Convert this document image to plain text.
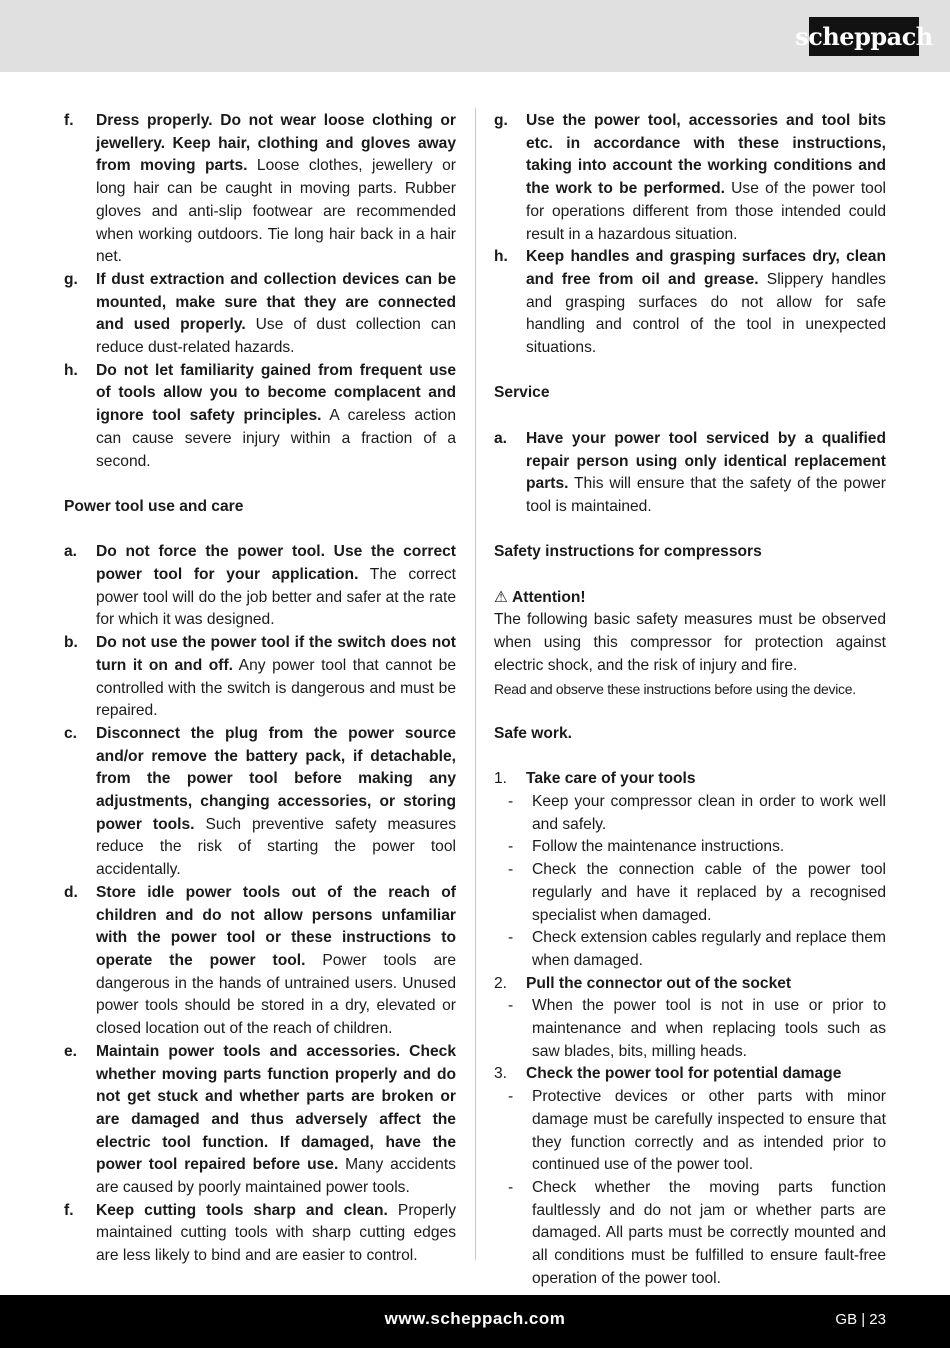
scheppach
f.	Dress properly. Do not wear loose clothing or jewellery. Keep hair, clothing and gloves away from moving parts. Loose clothes, jewellery or long hair can be caught in moving parts. Rubber gloves and anti-slip footwear are recommended when working outdoors. Tie long hair back in a hair net.
g.	If dust extraction and collection devices can be mounted, make sure that they are connected and used properly. Use of dust collection can reduce dust-related hazards.
h.	Do not let familiarity gained from frequent use of tools allow you to become complacent and ignore tool safety principles. A careless action can cause severe injury within a fraction of a second.
Power tool use and care
a.	Do not force the power tool. Use the correct power tool for your application. The correct power tool will do the job better and safer at the rate for which it was designed.
b.	Do not use the power tool if the switch does not turn it on and off. Any power tool that cannot be controlled with the switch is dangerous and must be repaired.
c.	Disconnect the plug from the power source and/or remove the battery pack, if detachable, from the power tool before making any adjustments, changing accessories, or storing power tools. Such preventive safety measures reduce the risk of starting the power tool accidentally.
d.	Store idle power tools out of the reach of children and do not allow persons unfamiliar with the power tool or these instructions to operate the power tool. Power tools are dangerous in the hands of untrained users. Unused power tools should be stored in a dry, elevated or closed location out of the reach of children.
e.	Maintain power tools and accessories. Check whether moving parts function properly and do not get stuck and whether parts are broken or are damaged and thus adversely affect the electric tool function. If damaged, have the power tool repaired before use. Many accidents are caused by poorly maintained power tools.
f.	Keep cutting tools sharp and clean. Properly maintained cutting tools with sharp cutting edges are less likely to bind and are easier to control.
g.	Use the power tool, accessories and tool bits etc. in accordance with these instructions, taking into account the working conditions and the work to be performed. Use of the power tool for operations different from those intended could result in a hazardous situation.
h.	Keep handles and grasping surfaces dry, clean and free from oil and grease. Slippery handles and grasping surfaces do not allow for safe handling and control of the tool in unexpected situations.
Service
a.	Have your power tool serviced by a qualified repair person using only identical replacement parts. This will ensure that the safety of the power tool is maintained.
Safety instructions for compressors
⚠ Attention!
The following basic safety measures must be observed when using this compressor for protection against electric shock, and the risk of injury and fire.
Read and observe these instructions before using the device.
Safe work.
1.	Take care of your tools
-	Keep your compressor clean in order to work well and safely.
-	Follow the maintenance instructions.
-	Check the connection cable of the power tool regularly and have it replaced by a recognised specialist when damaged.
-	Check extension cables regularly and replace them when damaged.
2.	Pull the connector out of the socket
-	When the power tool is not in use or prior to maintenance and when replacing tools such as saw blades, bits, milling heads.
3.	Check the power tool for potential damage
-	Protective devices or other parts with minor damage must be carefully inspected to ensure that they function correctly and as intended prior to continued use of the power tool.
-	Check whether the moving parts function faultlessly and do not jam or whether parts are damaged. All parts must be correctly mounted and all conditions must be fulfilled to ensure fault-free operation of the power tool.
www.scheppach.com	GB | 23
